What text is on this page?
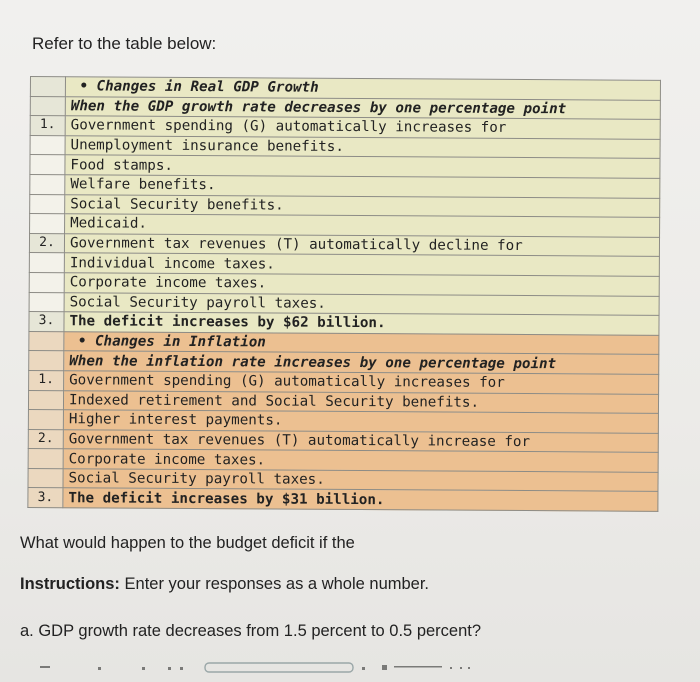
Refer to the table below:
	• Changes in Real GDP Growth
	When the GDP growth rate decreases by one percentage point
1.	Government spending (G) automatically increases for
	Unemployment insurance benefits.
	Food stamps.
	Welfare benefits.
	Social Security benefits.
	Medicaid.
2.	Government tax revenues (T) automatically decline for
	Individual income taxes.
	Corporate income taxes.
	Social Security payroll taxes.
3.	The deficit increases by $62 billion.
	• Changes in Inflation
	When the inflation rate increases by one percentage point
1.	Government spending (G) automatically increases for
	Indexed retirement and Social Security benefits.
	Higher interest payments.
2.	Government tax revenues (T) automatically increase for
	Corporate income taxes.
	Social Security payroll taxes.
3.	The deficit increases by $31 billion.
What would happen to the budget deficit if the
Instructions: Enter your responses as a whole number.
a. GDP growth rate decreases from 1.5 percent to 0.5 percent?
